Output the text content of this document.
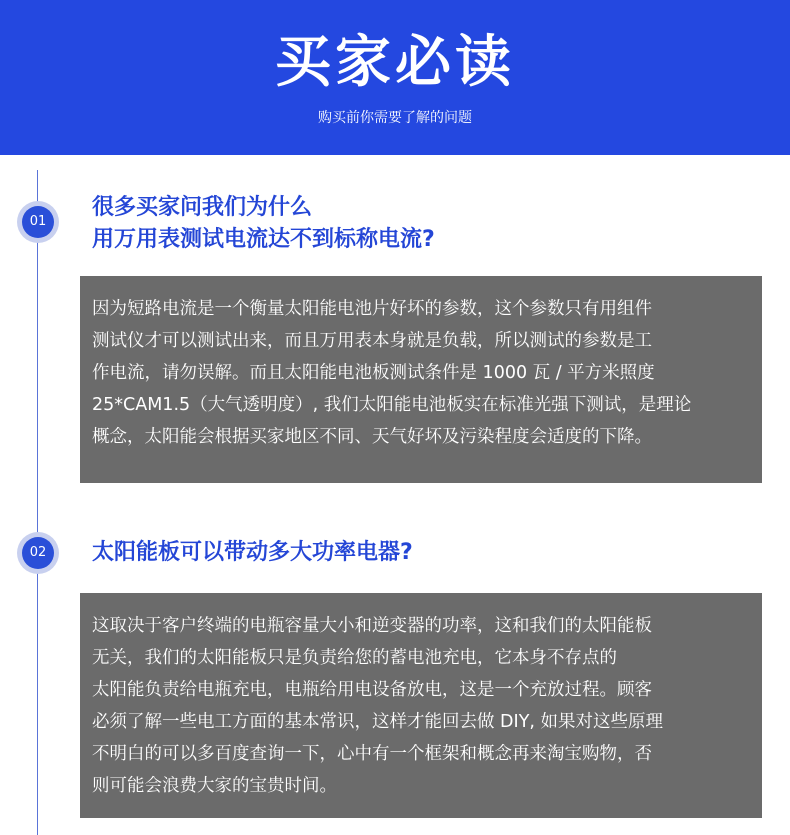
买家必读
购买前你需要了解的问题
01
很多买家问我们为什么
用万用表测试电流达不到标称电流?
因为短路电流是一个衡量太阳能电池片好坏的参数，这个参数只有用组件
测试仪才可以测试出来，而且万用表本身就是负载，所以测试的参数是工
作电流，请勿误解。而且太阳能电池板测试条件是 1000 瓦 / 平方米照度
25*CAM1.5（大气透明度）, 我们太阳能电池板实在标准光强下测试，是理论
概念，太阳能会根据买家地区不同、天气好坏及污染程度会适度的下降。
02	太阳能板可以带动多大功率电器?
这取决于客户终端的电瓶容量大小和逆变器的功率，这和我们的太阳能板
无关，我们的太阳能板只是负责给您的蓄电池充电，它本身不存点的
太阳能负责给电瓶充电，电瓶给用电设备放电，这是一个充放过程。顾客
必须了解一些电工方面的基本常识，这样才能回去做 DIY, 如果对这些原理
不明白的可以多百度查询一下，心中有一个框架和概念再来淘宝购物，否
则可能会浪费大家的宝贵时间。
